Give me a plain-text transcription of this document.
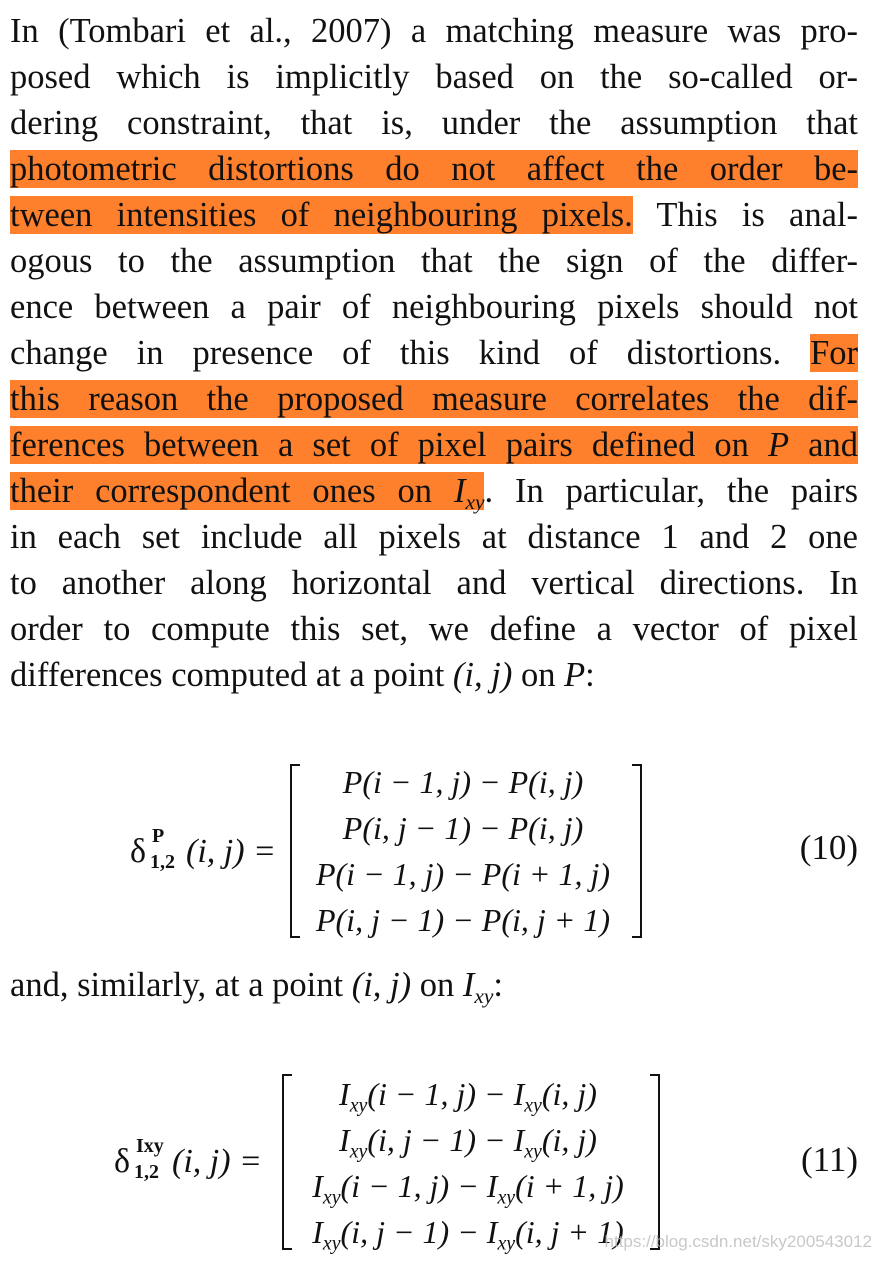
In (Tombari et al., 2007) a matching measure was pro-
posed which is implicitly based on the so-called or-
dering constraint, that is, under the assumption that
photometric distortions do not affect the order be-
tween intensities of neighbouring pixels. This is anal-
ogous to the assumption that the sign of the differ-
ence between a pair of neighbouring pixels should not
change in presence of this kind of distortions. For
this reason the proposed measure correlates the dif-
ferences between a set of pixel pairs defined on P and
their correspondent ones on $I_{xy}$. In particular, the pairs
in each set include all pixels at distance 1 and 2 one
to another along horizontal and vertical directions. In
order to compute this set, we define a vector of pixel
differences computed at a point (i, j) on P:
δ P
1,2 (i, j) =
P(i − 1, j) − P(i, j)
P(i, j − 1) − P(i, j)
P(i − 1, j) − P(i + 1, j)
P(i, j − 1) − P(i, j + 1)
(10)
and, similarly, at a point (i, j) on $I_{xy}$:
δ Ixy
1,2 (i, j) =
$I_{xy}(i - 1$, $j) - I_{xy}(i$, j)
$I_{xy}(i$, $j - 1) - I_{xy}(i$, j)
$I_{xy}(i - 1$, $j) - I_{xy}(i + 1$, j)
$I_{xy}(i$, $j - 1) - I_{xy}(i$, j + 1)
(11)
https://blog.csdn.net/sky200543012
